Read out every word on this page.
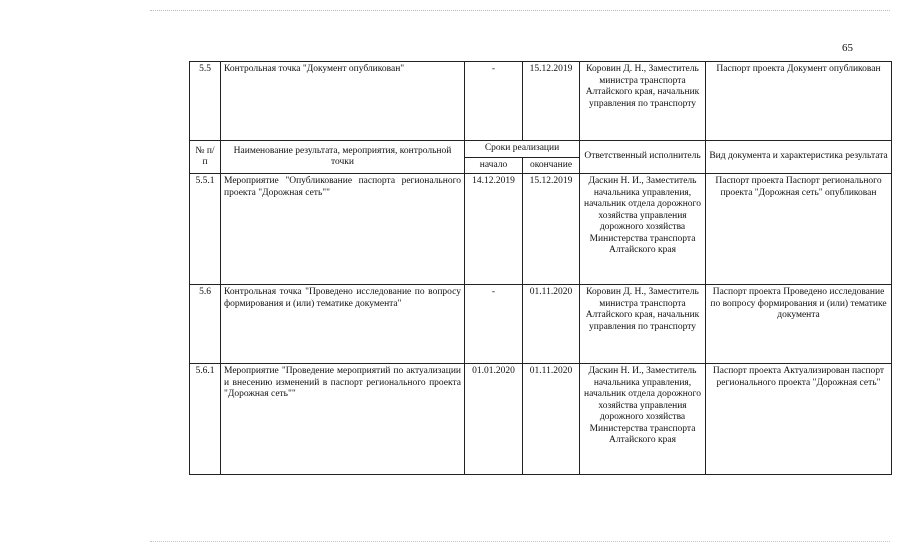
65
5.5	Контрольная точка "Документ опубликован"	-	15.12.2019	Коровин Д. Н., Заместитель министра транспорта Алтайского края, начальник управления по транспорту	Паспорт проекта Документ опубликован
№ п/п	Наименование результата, мероприятия, контрольной точки	Сроки реализации		Ответственный исполнитель	Вид документа и характеристика результата
		начало	окончание		
5.5.1	Мероприятие "Опубликование паспорта регионального проекта "Дорожная сеть""	14.12.2019	15.12.2019	Даскин Н. И., Заместитель начальника управления, начальник отдела дорожного хозяйства управления дорожного хозяйства Министерства транспорта Алтайского края	Паспорт проекта Паспорт регионального проекта "Дорожная сеть" опубликован
5.6	Контрольная точка "Проведено исследование по вопросу формирования и (или) тематике документа"	-	01.11.2020	Коровин Д. Н., Заместитель министра транспорта Алтайского края, начальник управления по транспорту	Паспорт проекта Проведено исследование по вопросу формирования и (или) тематике документа
5.6.1	Мероприятие "Проведение мероприятий по актуализации и внесению изменений в паспорт регионального проекта "Дорожная сеть""	01.01.2020	01.11.2020	Даскин Н. И., Заместитель начальника управления, начальник отдела дорожного хозяйства управления дорожного хозяйства Министерства транспорта Алтайского края	Паспорт проекта Актуализирован паспорт регионального проекта "Дорожная сеть"
